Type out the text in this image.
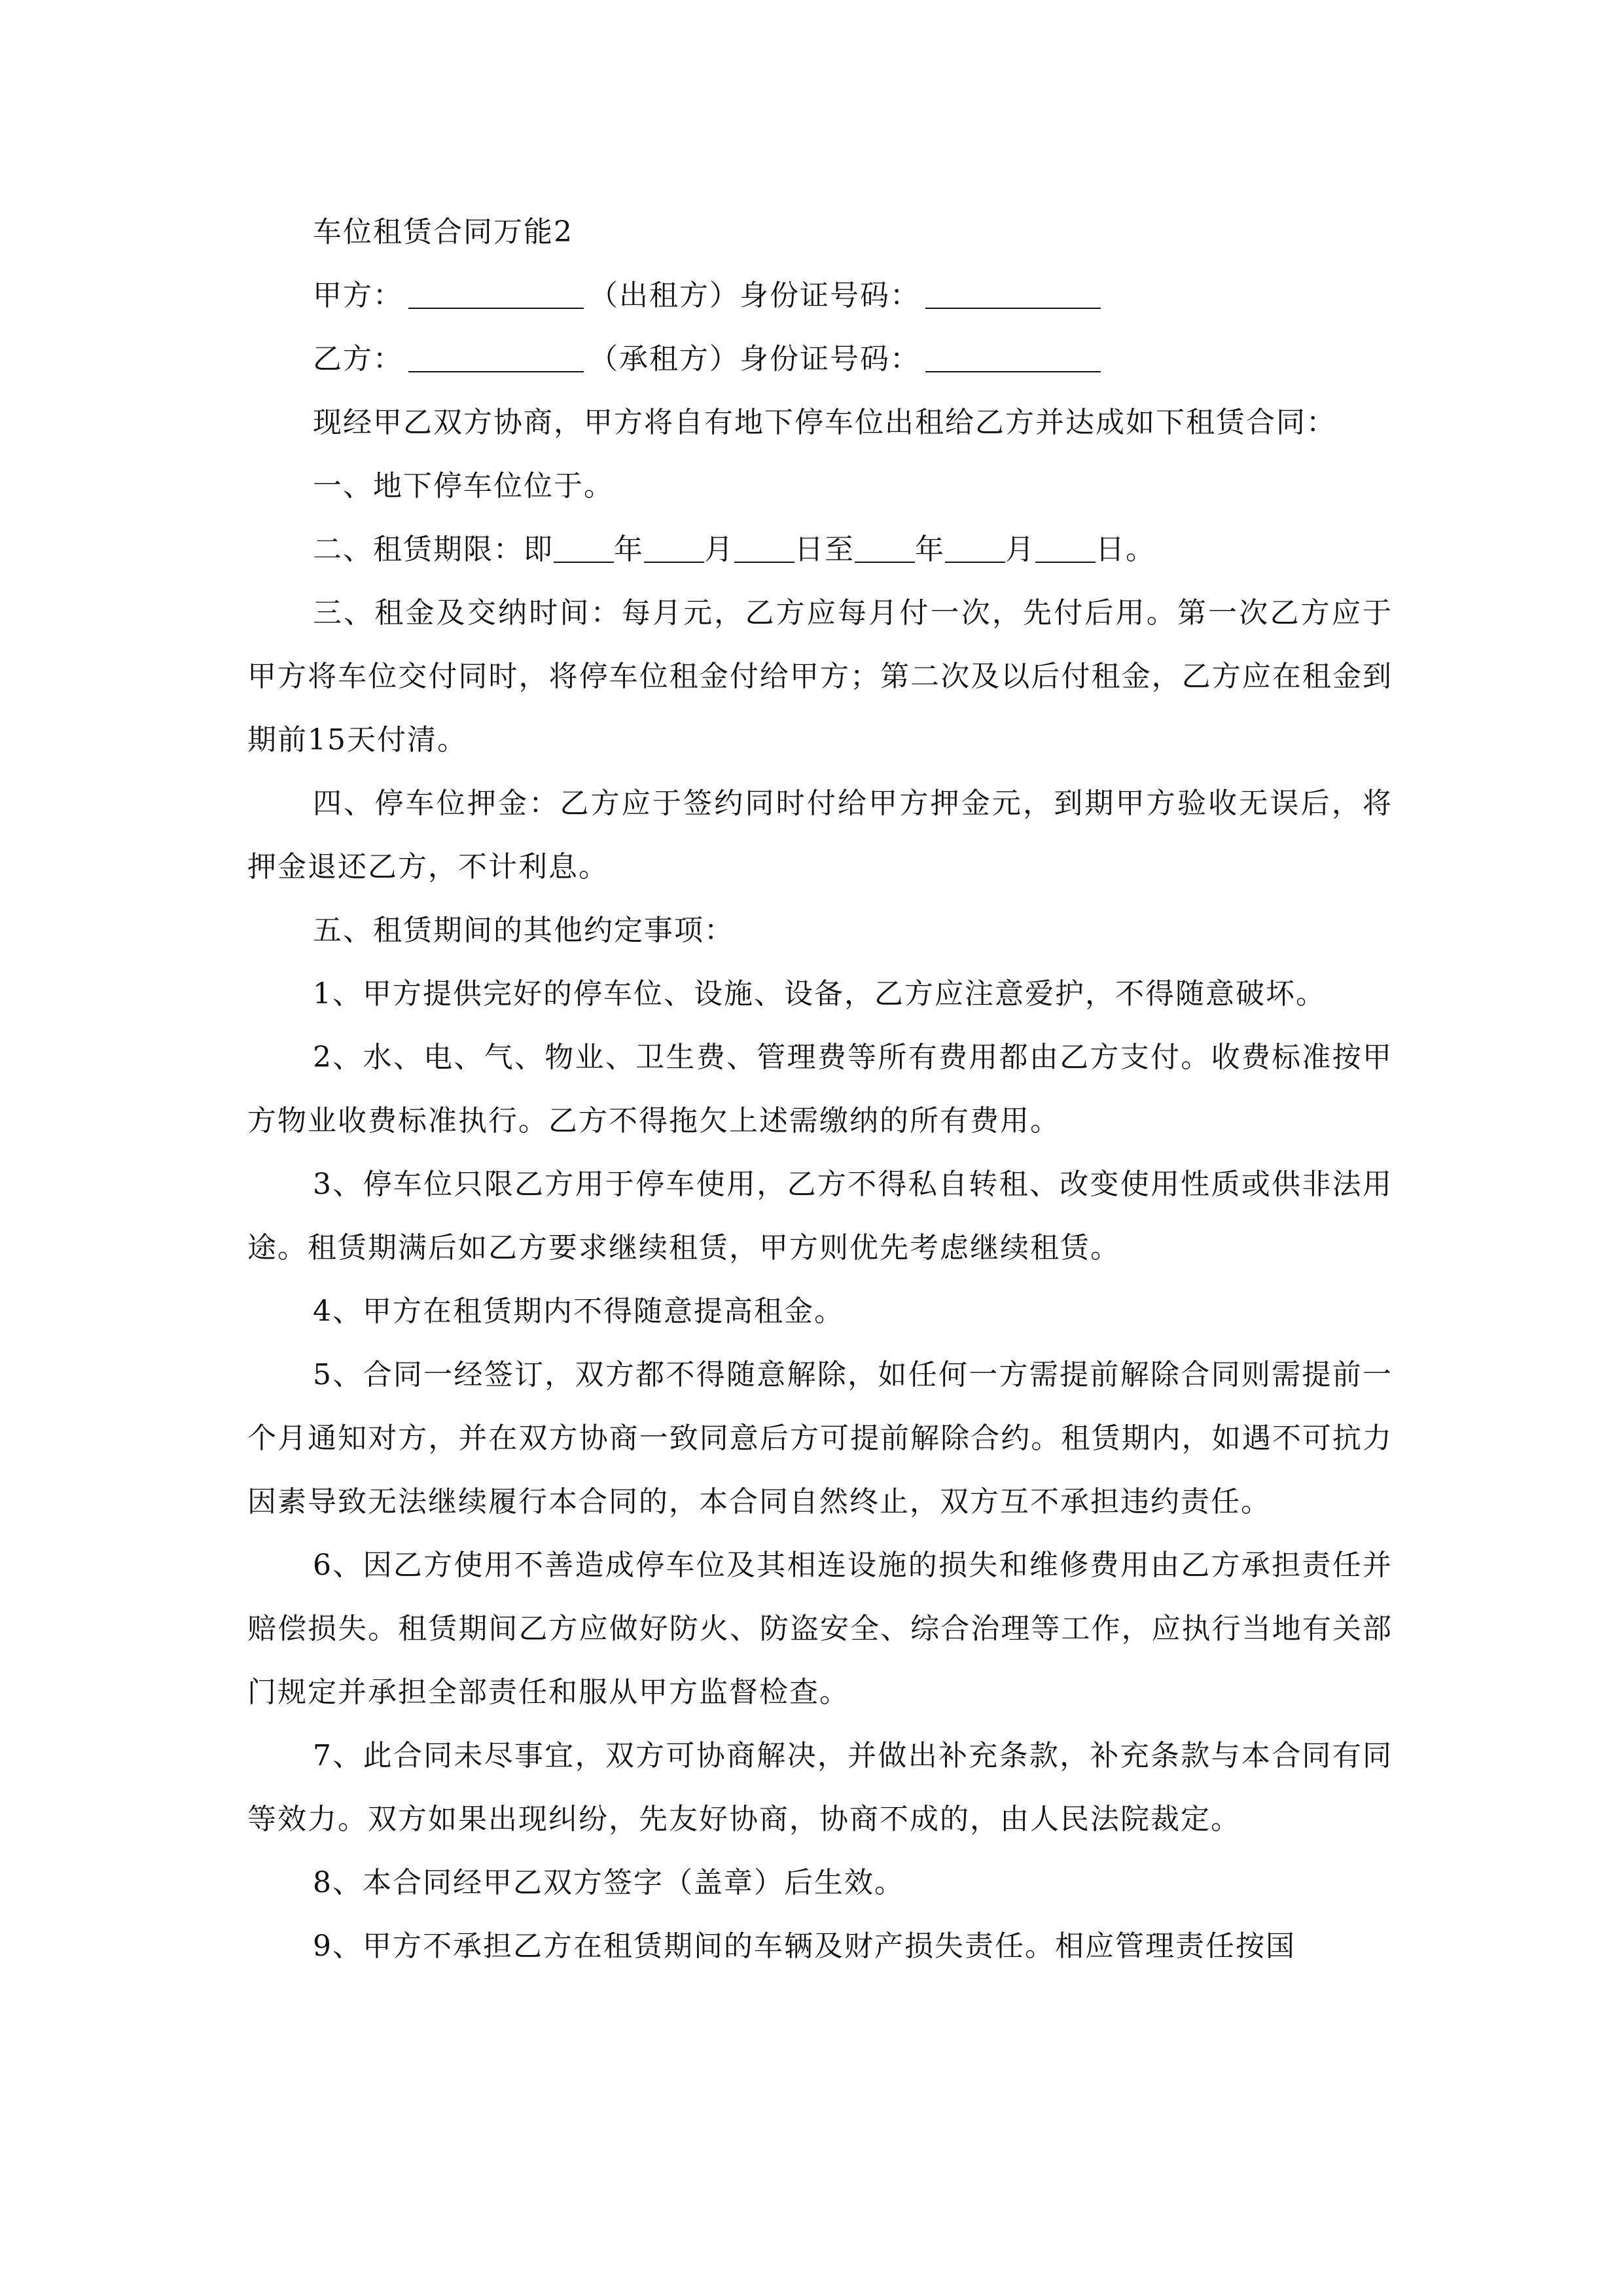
车位租赁合同万能2

甲方：	（出租方）身份证号码：

乙方：	（承租方）身份证号码：

现经甲乙双方协商，甲方将自有地下停车位出租给乙方并达成如下租赁合同：

一、地下停车位位于。

二、租赁期限：即 年 月 日至 年 月 日。

三、租金及交纳时间：每月元，乙方应每月付一次，先付后用。第一次乙方应于甲方将车位交付同时，将停车位租金付给甲方；第二次及以后付租金，乙方应在租金到期前15天付清。

四、停车位押金：乙方应于签约同时付给甲方押金元，到期甲方验收无误后，将押金退还乙方，不计利息。

五、租赁期间的其他约定事项：

1、甲方提供完好的停车位、设施、设备，乙方应注意爱护，不得随意破坏。

2、水、电、气、物业、卫生费、管理费等所有费用都由乙方支付。收费标准按甲方物业收费标准执行。乙方不得拖欠上述需缴纳的所有费用。

3、停车位只限乙方用于停车使用，乙方不得私自转租、改变使用性质或供非法用途。租赁期满后如乙方要求继续租赁，甲方则优先考虑继续租赁。

4、甲方在租赁期内不得随意提高租金。

5、合同一经签订，双方都不得随意解除，如任何一方需提前解除合同则需提前一个月通知对方，并在双方协商一致同意后方可提前解除合约。租赁期内，如遇不可抗力因素导致无法继续履行本合同的，本合同自然终止，双方互不承担违约责任。

6、因乙方使用不善造成停车位及其相连设施的损失和维修费用由乙方承担责任并赔偿损失。租赁期间乙方应做好防火、防盗安全、综合治理等工作，应执行当地有关部门规定并承担全部责任和服从甲方监督检查。

7、此合同未尽事宜，双方可协商解决，并做出补充条款，补充条款与本合同有同等效力。双方如果出现纠纷，先友好协商，协商不成的，由人民法院裁定。

8、本合同经甲乙双方签字（盖章）后生效。

9、甲方不承担乙方在租赁期间的车辆及财产损失责任。相应管理责任按国
